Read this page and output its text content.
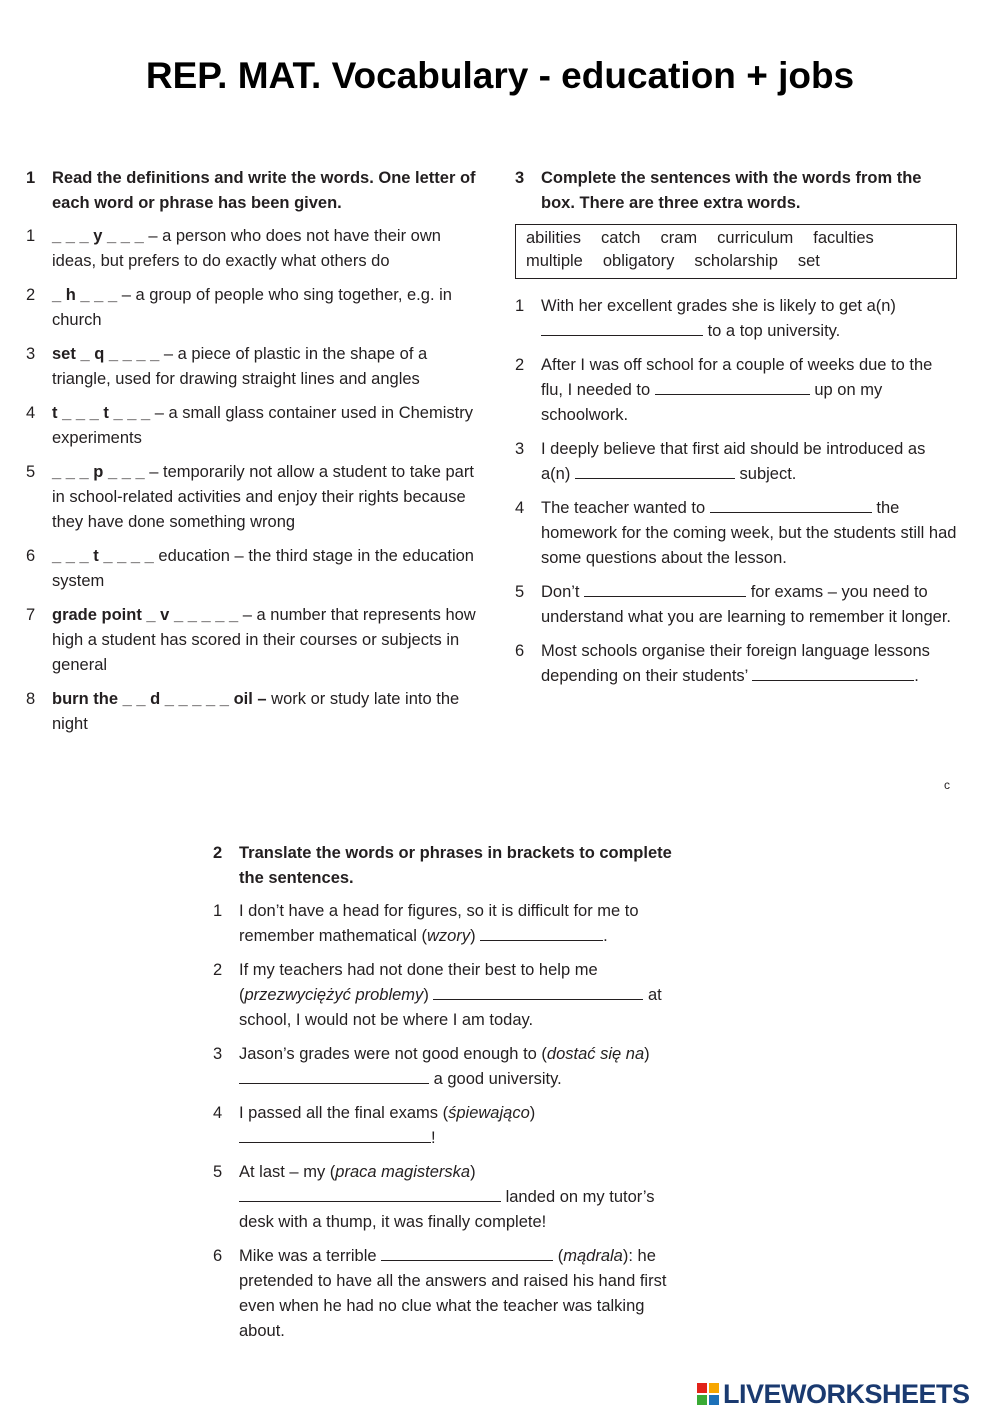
REP. MAT. Vocabulary - education + jobs
1	Read the definitions and write the words. One letter of each word or phrase has been given.
1	_ _ _ y _ _ _ – a person who does not have their own ideas, but prefers to do exactly what others do
2	_ h _ _ _ – a group of people who sing together, e.g. in church
3	set _ q _ _ _ _ – a piece of plastic in the shape of a triangle, used for drawing straight lines and angles
4	t _ _ _ t _ _ _ – a small glass container used in Chemistry experiments
5	_ _ _ p _ _ _ – temporarily not allow a student to take part in school-related activities and enjoy their rights because they have done something wrong
6	_ _ _ t _ _ _ _ education – the third stage in the education system
7	grade point _ v _ _ _ _ _ – a number that represents how high a student has scored in their courses or subjects in general
8	burn the _ _ d _ _ _ _ _ oil – work or study late into the night
3	Complete the sentences with the words from the box. There are three extra words.
abilities catch cram curriculum faculties
multiple obligatory scholarship set
1	With her excellent grades she is likely to get a(n)  to a top university.
2	After I was off school for a couple of weeks due to the flu, I needed to	up on my schoolwork.
3	I deeply believe that first aid should be introduced as a(n)	subject.
4	The teacher wanted to	the homework for the coming week, but the students still had some questions about the lesson.
5	Don’t	for exams – you need to understand what you are learning to remember it longer.
6	Most schools organise their foreign language lessons depending on their students’	.
c
2	Translate the words or phrases in brackets to complete the sentences.
1	I don’t have a head for figures, so it is difficult for me to remember mathematical (wzory)	.
2	If my teachers had not done their best to help me (przezwyciężyć problemy)	at school, I would not be where I am today.
3	Jason’s grades were not good enough to (dostać się na)  a good university.
4	I passed all the final exams (śpiewająco) !
5	At last – my (praca magisterska)  landed on my tutor’s desk with a thump, it was finally complete!
6	Mike was a terrible	(mądrala): he pretended to have all the answers and raised his hand first even when he had no clue what the teacher was talking about.
LIVEWORKSHEETS
